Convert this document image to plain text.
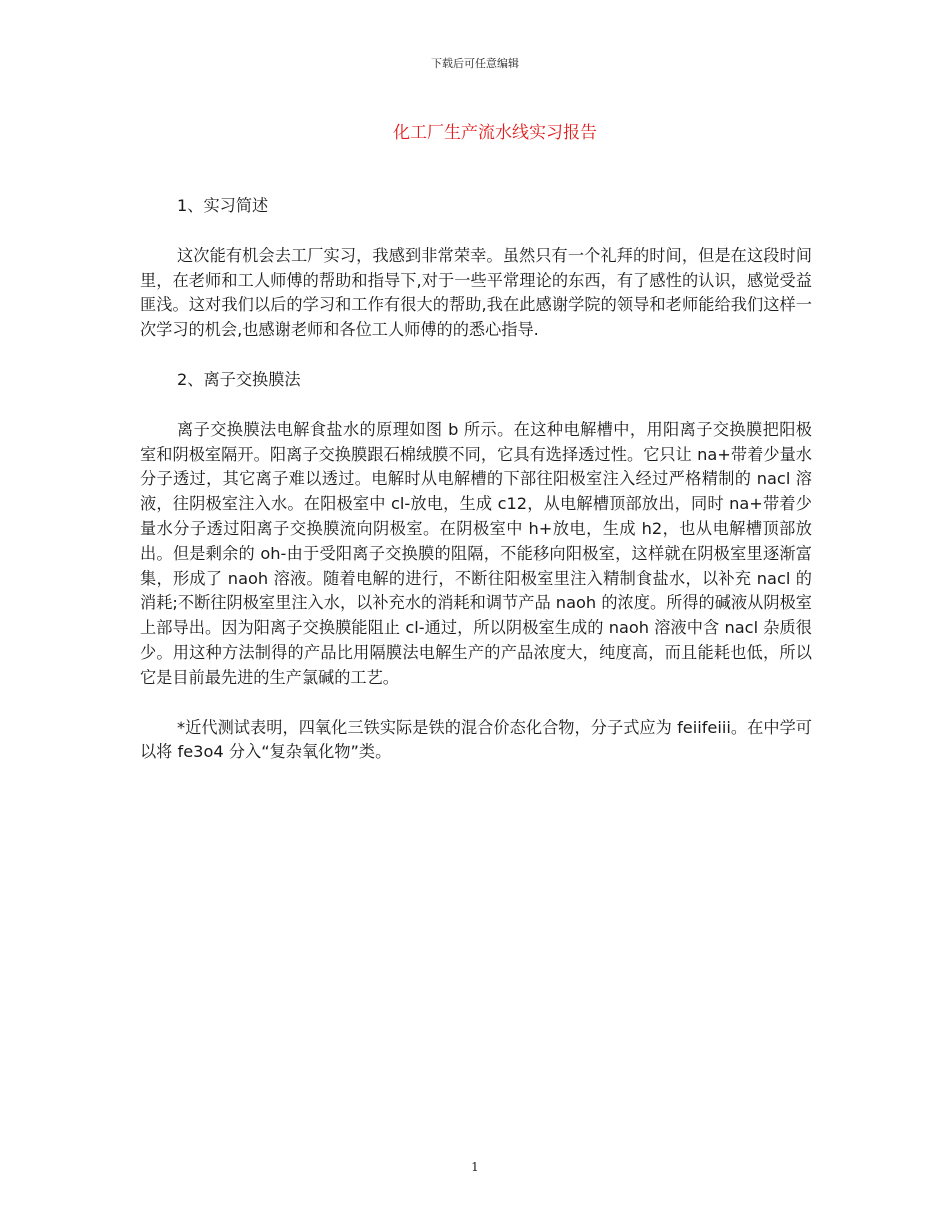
下载后可任意编辑
化工厂生产流水线实习报告

1、实习简述

这次能有机会去工厂实习，我感到非常荣幸。虽然只有一个礼拜的时间，但是在这段时间里，在老师和工人师傅的帮助和指导下,对于一些平常理论的东西，有了感性的认识，感觉受益匪浅。这对我们以后的学习和工作有很大的帮助,我在此感谢学院的领导和老师能给我们这样一次学习的机会,也感谢老师和各位工人师傅的的悉心指导.

2、离子交换膜法

离子交换膜法电解食盐水的原理如图 b 所示。在这种电解槽中，用阳离子交换膜把阳极室和阴极室隔开。阳离子交换膜跟石棉绒膜不同，它具有选择透过性。它只让 na+带着少量水分子透过，其它离子难以透过。电解时从电解槽的下部往阳极室注入经过严格精制的 nacl 溶液，往阴极室注入水。在阳极室中 cl-放电，生成 c12，从电解槽顶部放出，同时 na+带着少量水分子透过阳离子交换膜流向阴极室。在阴极室中 h+放电，生成 h2，也从电解槽顶部放出。但是剩余的 oh-由于受阳离子交换膜的阻隔，不能移向阳极室，这样就在阴极室里逐渐富集，形成了 naoh 溶液。随着电解的进行，不断往阳极室里注入精制食盐水，以补充 nacl 的消耗;不断往阴极室里注入水，以补充水的消耗和调节产品 naoh 的浓度。所得的碱液从阴极室上部导出。因为阳离子交换膜能阻止 cl-通过，所以阴极室生成的 naoh 溶液中含 nacl 杂质很少。用这种方法制得的产品比用隔膜法电解生产的产品浓度大，纯度高，而且能耗也低，所以它是目前最先进的生产氯碱的工艺。

*近代测试表明，四氧化三铁实际是铁的混合价态化合物，分子式应为 feiifeiii。在中学可以将 fe3o4 分入“复杂氧化物”类。

1
